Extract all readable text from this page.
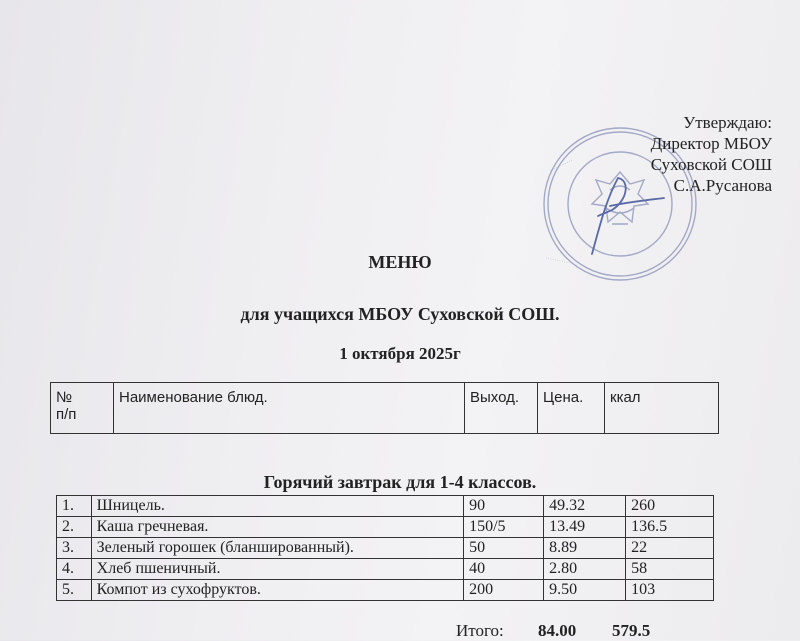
···········
···········
Утверждаю:
Директор МБОУ
Суховской СОШ
С.А.Русанова
МЕНЮ
для учащихся МБОУ Суховской СОШ.
1 октября 2025г
№
п/п
	Наименование блюд.	Выход.	Цена.	ккал
Горячий завтрак для 1-4 классов.
1.	Шницель.	90	49.32	260
2.	Каша гречневая.	150/5	13.49	136.5
3.	Зеленый горошек (бланшированный).	50	8.89	22
4.	Хлеб пшеничный.	40	2.80	58
5.	Компот из сухофруктов.	200	9.50	103
Итого: 84.00 579.5
